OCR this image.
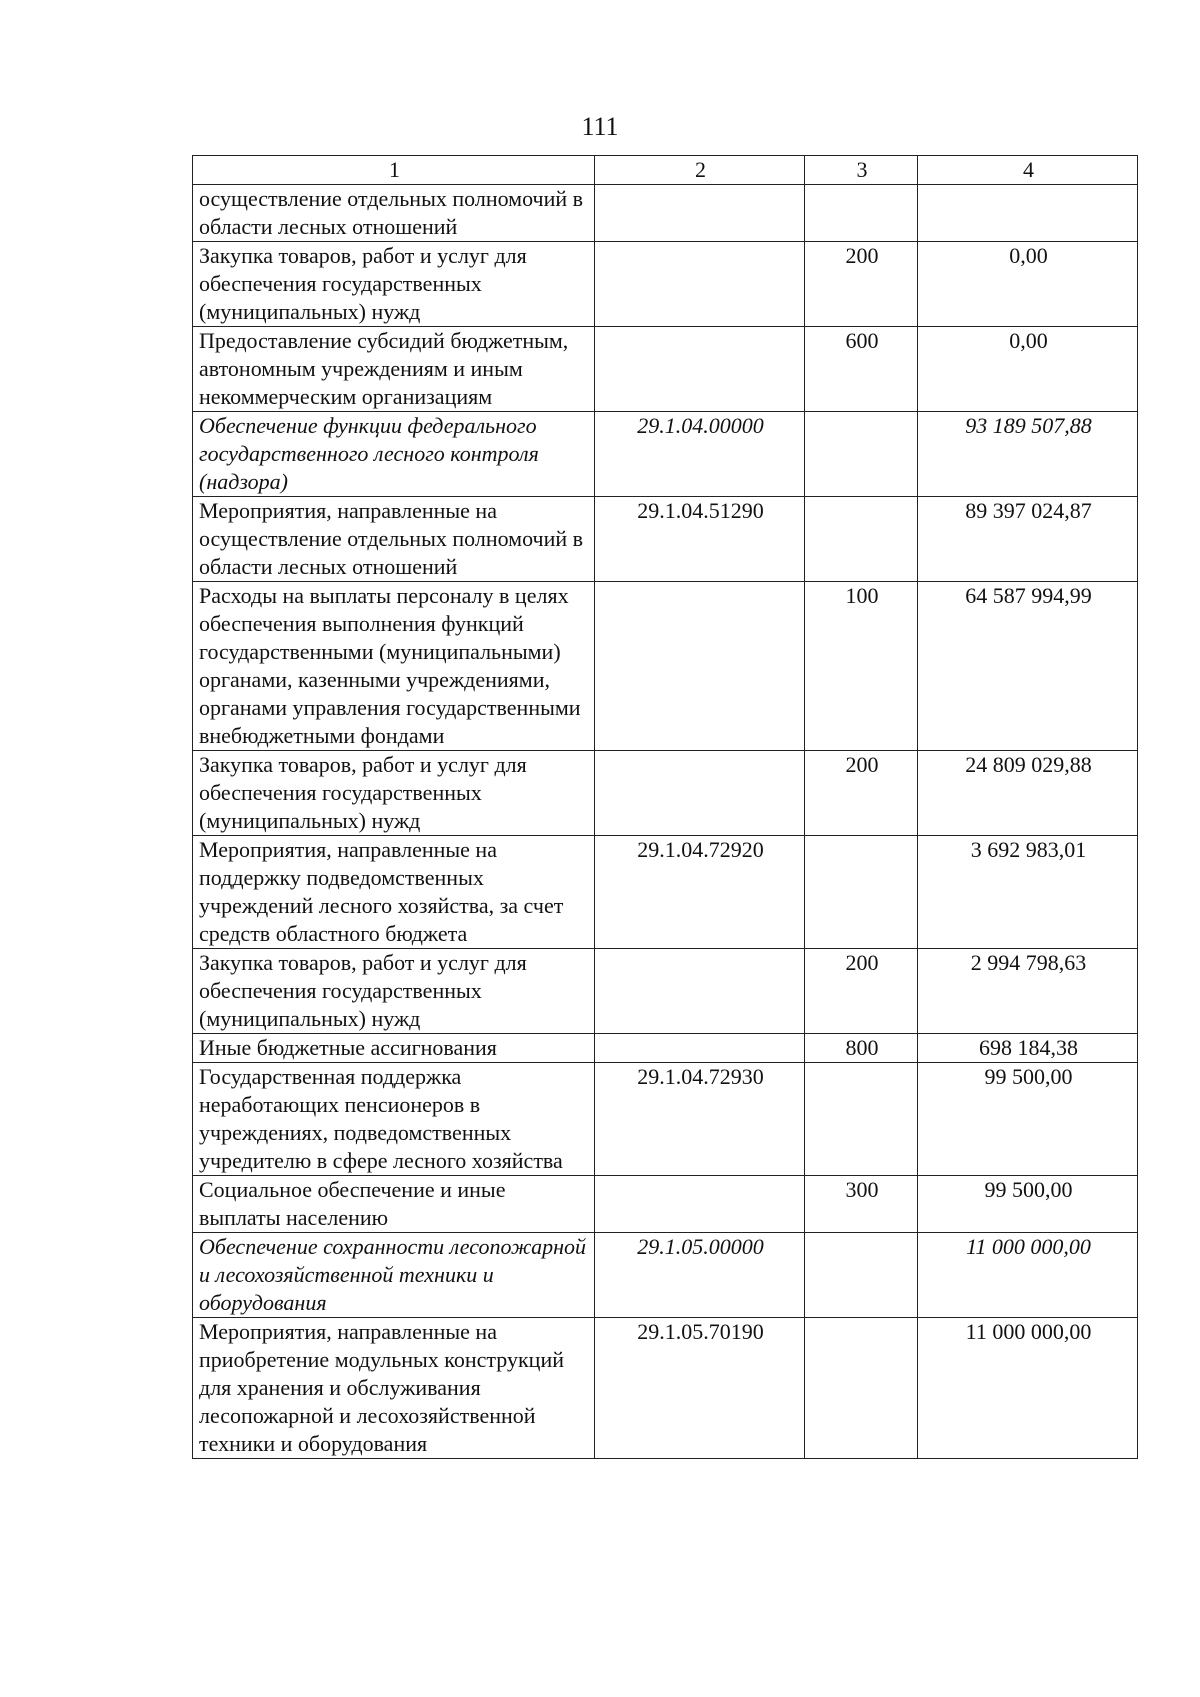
111
1	2	3	4
осуществление отдельных полномочий в области лесных отношений			
Закупка товаров, работ и услуг для обеспечения государственных (муниципальных) нужд		200	0,00
Предоставление субсидий бюджетным, автономным учреждениям и иным некоммерческим организациям		600	0,00
Обеспечение функции федерального государственного лесного контроля (надзора)	29.1.04.00000		93 189 507,88
Мероприятия, направленные на осуществление отдельных полномочий в области лесных отношений	29.1.04.51290		89 397 024,87
Расходы на выплаты персоналу в целях обеспечения выполнения функций государственными (муниципальными) органами, казенными учреждениями, органами управления государственными внебюджетными фондами		100	64 587 994,99
Закупка товаров, работ и услуг для обеспечения государственных (муниципальных) нужд		200	24 809 029,88
Мероприятия, направленные на поддержку подведомственных учреждений лесного хозяйства, за счет средств областного бюджета	29.1.04.72920		3 692 983,01
Закупка товаров, работ и услуг для обеспечения государственных (муниципальных) нужд		200	2 994 798,63
Иные бюджетные ассигнования		800	698 184,38
Государственная поддержка неработающих пенсионеров в учреждениях, подведомственных учредителю в сфере лесного хозяйства	29.1.04.72930		99 500,00
Социальное обеспечение и иные выплаты населению		300	99 500,00
Обеспечение сохранности лесопожарной и лесохозяйственной техники и оборудования	29.1.05.00000		11 000 000,00
Мероприятия, направленные на приобретение модульных конструкций для хранения и обслуживания лесопожарной и лесохозяйственной техники и оборудования	29.1.05.70190		11 000 000,00
